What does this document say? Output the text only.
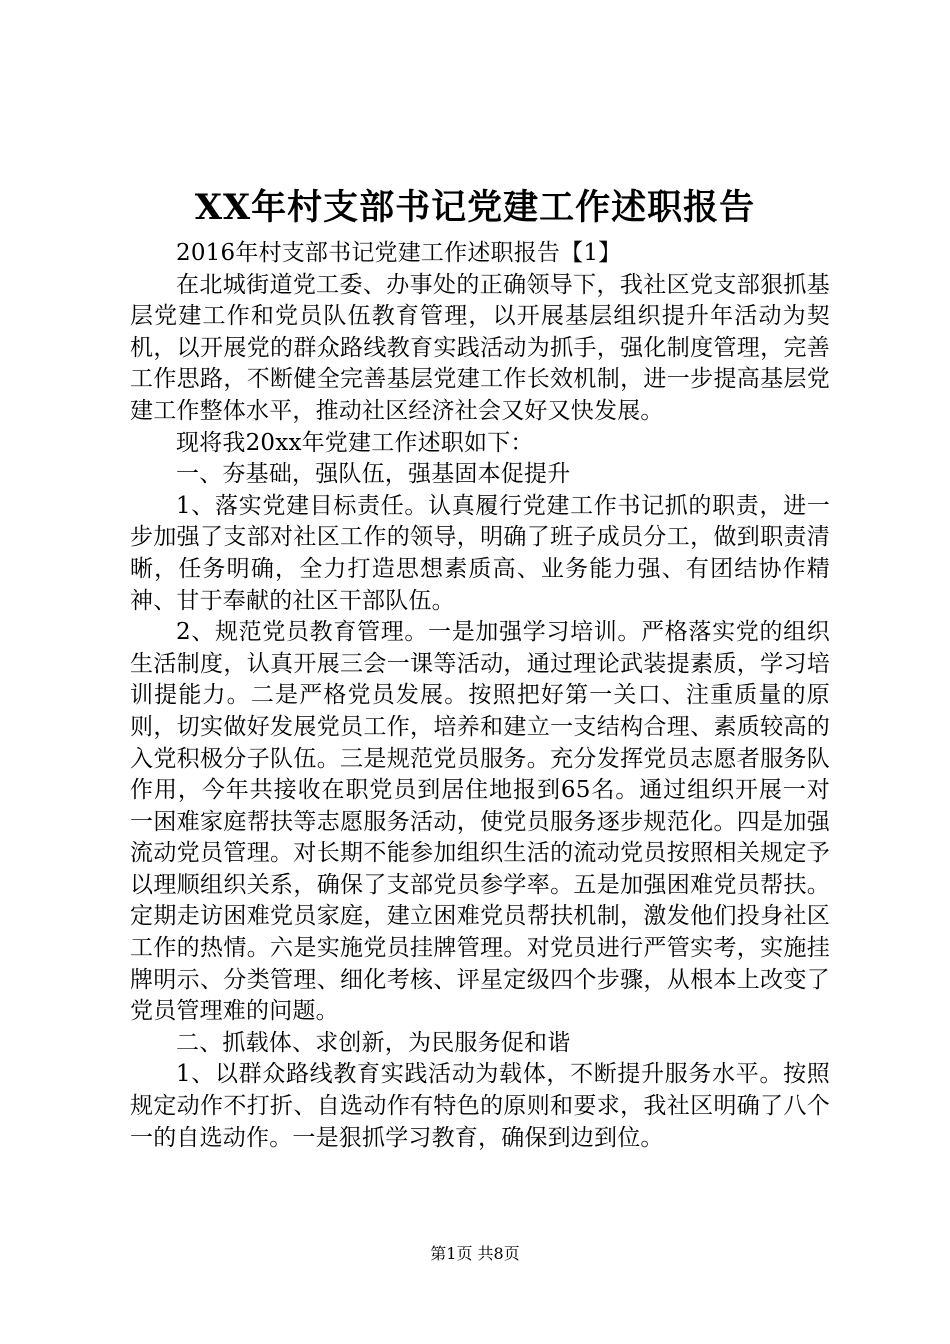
XX年村支部书记党建工作述职报告

2016年村支部书记党建工作述职报告【1】

在北城街道党工委、办事处的正确领导下，我社区党支部狠抓基层党建工作和党员队伍教育管理，以开展基层组织提升年活动为契机，以开展党的群众路线教育实践活动为抓手，强化制度管理，完善工作思路，不断健全完善基层党建工作长效机制，进一步提高基层党建工作整体水平，推动社区经济社会又好又快发展。

现将我20xx年党建工作述职如下：

一、夯基础，强队伍，强基固本促提升

1、落实党建目标责任。认真履行党建工作书记抓的职责，进一步加强了支部对社区工作的领导，明确了班子成员分工，做到职责清晰，任务明确，全力打造思想素质高、业务能力强、有团结协作精神、甘于奉献的社区干部队伍。

2、规范党员教育管理。一是加强学习培训。严格落实党的组织生活制度，认真开展三会一课等活动，通过理论武装提素质，学习培训提能力。二是严格党员发展。按照把好第一关口、注重质量的原则，切实做好发展党员工作，培养和建立一支结构合理、素质较高的入党积极分子队伍。三是规范党员服务。充分发挥党员志愿者服务队作用，今年共接收在职党员到居住地报到65名。通过组织开展一对一困难家庭帮扶等志愿服务活动，使党员服务逐步规范化。四是加强流动党员管理。对长期不能参加组织生活的流动党员按照相关规定予以理顺组织关系，确保了支部党员参学率。五是加强困难党员帮扶。定期走访困难党员家庭，建立困难党员帮扶机制，激发他们投身社区工作的热情。六是实施党员挂牌管理。对党员进行严管实考，实施挂牌明示、分类管理、细化考核、评星定级四个步骤，从根本上改变了党员管理难的问题。

二、抓载体、求创新，为民服务促和谐

1、以群众路线教育实践活动为载体，不断提升服务水平。按照规定动作不打折、自选动作有特色的原则和要求，我社区明确了八个一的自选动作。一是狠抓学习教育，确保到边到位。

第1页 共8页
